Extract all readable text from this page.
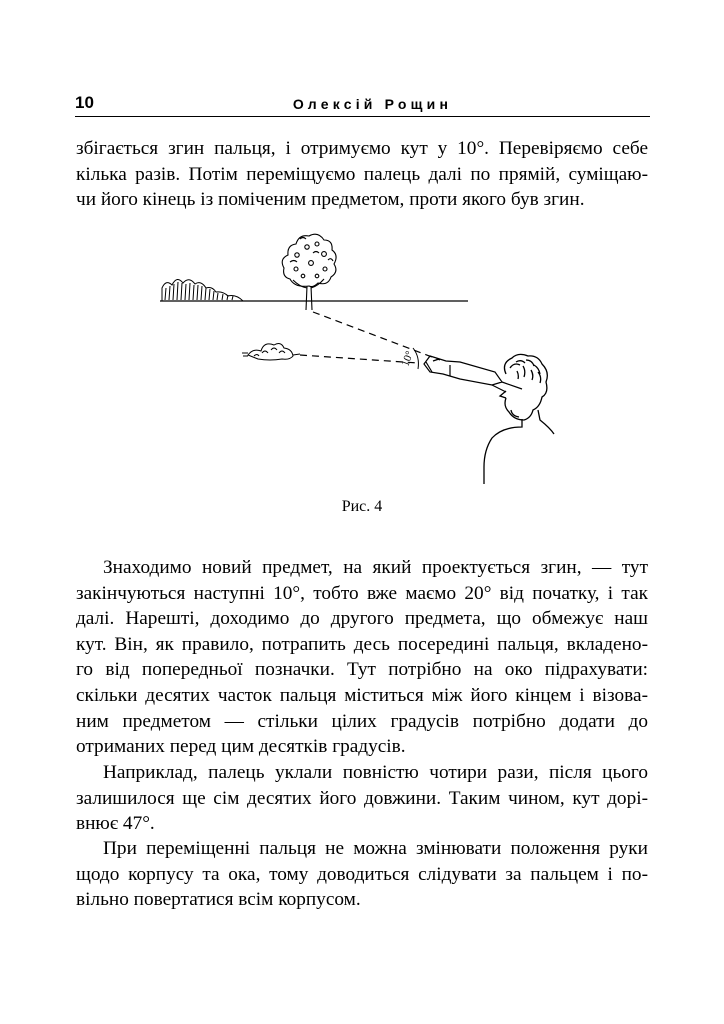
10	Олексій Рощин
збігається згин пальця, і отримуємо кут у 10°. Перевіряємо себе
кілька разів. Потім переміщуємо палець далі по прямій, суміщаю-
чи його кінець із поміченим предметом, проти якого був згин.
10°
Рис. 4
Знаходимо новий предмет, на який проектується згин, — тут
закінчуються наступні 10°, тобто вже маємо 20° від початку, і так
далі. Нарешті, доходимо до другого предмета, що обмежує наш
кут. Він, як правило, потрапить десь посередині пальця, вкладено-
го від попередньої позначки. Тут потрібно на око підрахувати:
скільки десятих часток пальця міститься між його кінцем і візова-
ним предметом — стільки цілих градусів потрібно додати до
отриманих перед цим десятків градусів.
Наприклад, палець уклали повністю чотири рази, після цього
залишилося ще сім десятих його довжини. Таким чином, кут дорі-
внює 47°.
При переміщенні пальця не можна змінювати положення руки
щодо корпусу та ока, тому доводиться слідувати за пальцем і по-
вільно повертатися всім корпусом.
